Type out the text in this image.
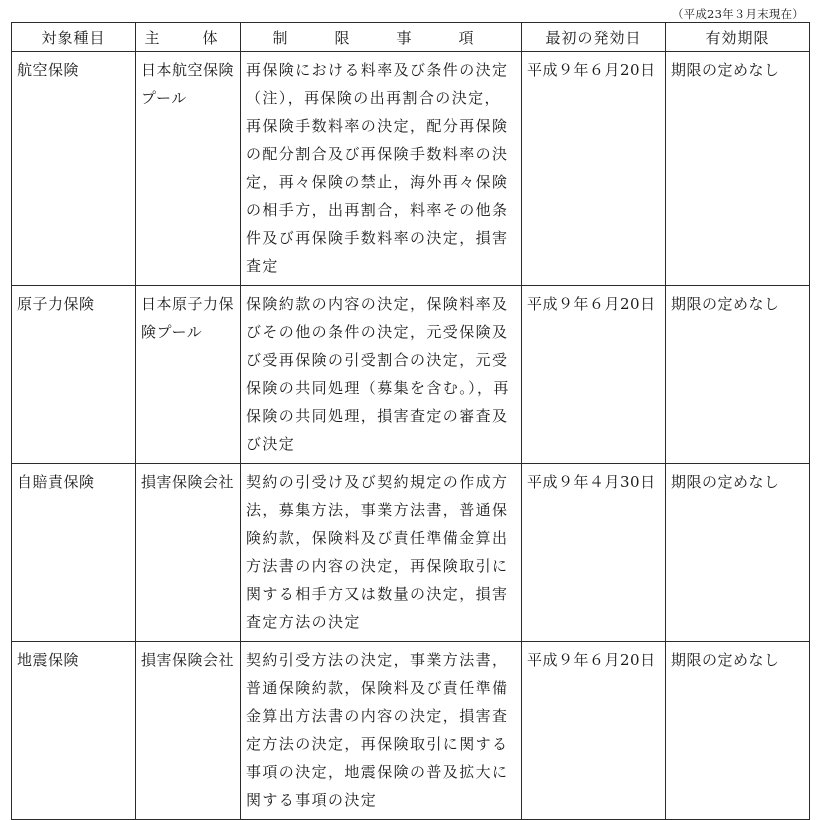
（平成23年３月末現在）
対象種目	主　体	制　限　事　項	最初の発効日	有効期限
航空保険	日本航空保険プール	再保険における料率及び条件の決定（注），再保険の出再割合の決定，再保険手数料率の決定，配分再保険の配分割合及び再保険手数料率の決定，再々保険の禁止，海外再々保険の相手方，出再割合，料率その他条件及び再保険手数料率の決定，損害査定	平成９年６月20日	期限の定めなし
原子力保険	日本原子力保険プール	保険約款の内容の決定，保険料率及びその他の条件の決定，元受保険及び受再保険の引受割合の決定，元受保険の共同処理（募集を含む。），再保険の共同処理，損害査定の審査及び決定	平成９年６月20日	期限の定めなし
自賠責保険	損害保険会社	契約の引受け及び契約規定の作成方法，募集方法，事業方法書，普通保険約款，保険料及び責任準備金算出方法書の内容の決定，再保険取引に関する相手方又は数量の決定，損害査定方法の決定	平成９年４月30日	期限の定めなし
地震保険	損害保険会社	契約引受方法の決定，事業方法書，普通保険約款，保険料及び責任準備金算出方法書の内容の決定，損害査定方法の決定，再保険取引に関する事項の決定，地震保険の普及拡大に関する事項の決定	平成９年６月20日	期限の定めなし
